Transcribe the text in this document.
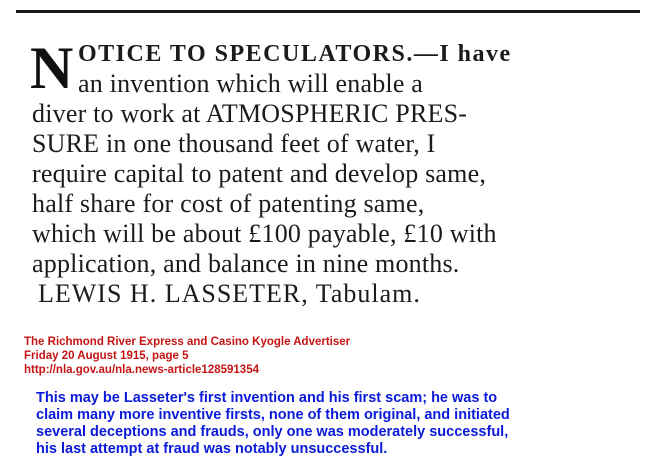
N OTICE TO SPECULATORS.—I have
an invention which will enable a
diver to work at ATMOSPHERIC PRES-
SURE in one thousand feet of water, I
require capital to patent and develop same,
half share for cost of patenting same,
which will be about £100 payable, £10 with
application, and balance in nine months.
LEWIS H. LASSETER, Tabulam.
The Richmond River Express and Casino Kyogle Advertiser
Friday 20 August 1915, page 5
http://nla.gov.au/nla.news-article128591354
This may be Lasseter's first invention and his first scam; he was to
claim many more inventive firsts, none of them original, and initiated
several deceptions and frauds, only one was moderately successful,
his last attempt at fraud was notably unsuccessful.
